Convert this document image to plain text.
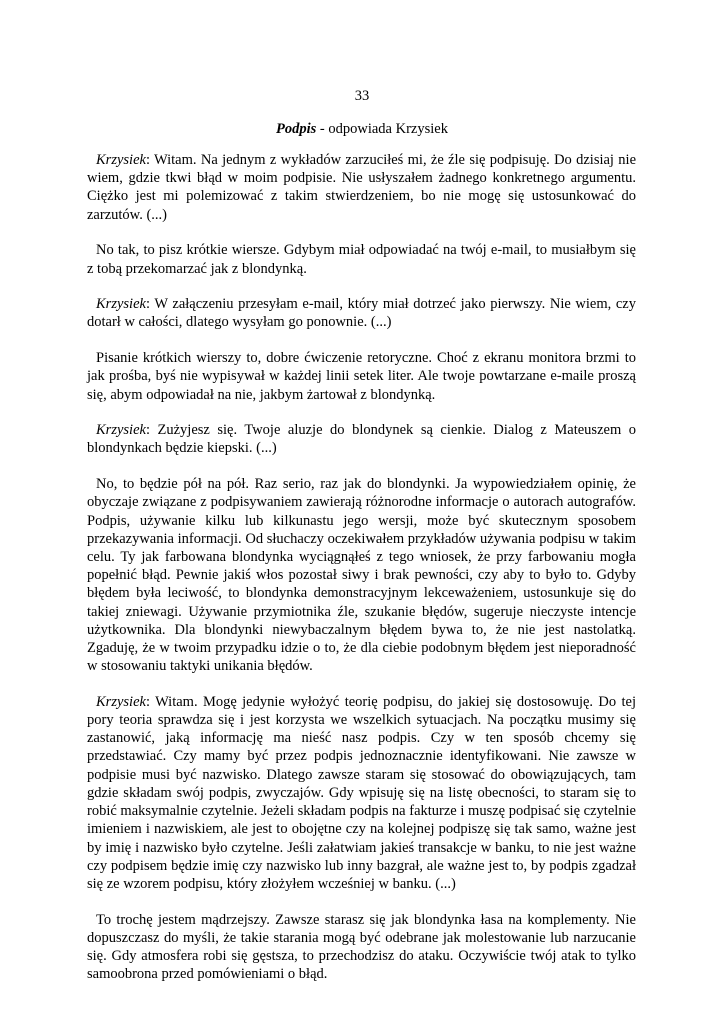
33
Podpis - odpowiada Krzysiek

Krzysiek: Witam. Na jednym z wykładów zarzuciłeś mi, że źle się podpisuję. Do dzisiaj nie wiem, gdzie tkwi błąd w moim podpisie. Nie usłyszałem żadnego konkretnego argumentu. Ciężko jest mi polemizować z takim stwierdzeniem, bo nie mogę się ustosunkować do zarzutów. (...)

No tak, to pisz krótkie wiersze. Gdybym miał odpowiadać na twój e-mail, to musiałbym się z tobą przekomarzać jak z blondynką.

Krzysiek: W załączeniu przesyłam e-mail, który miał dotrzeć jako pierwszy. Nie wiem, czy dotarł w całości, dlatego wysyłam go ponownie. (...)

Pisanie krótkich wierszy to, dobre ćwiczenie retoryczne. Choć z ekranu monitora brzmi to jak prośba, byś nie wypisywał w każdej linii setek liter. Ale twoje powtarzane e-maile proszą się, abym odpowiadał na nie, jakbym żartował z blondynką.

Krzysiek: Zużyjesz się. Twoje aluzje do blondynek są cienkie. Dialog z Mateuszem o blondynkach będzie kiepski. (...)

No, to będzie pół na pół. Raz serio, raz jak do blondynki. Ja wypowiedziałem opinię, że obyczaje związane z podpisywaniem zawierają różnorodne informacje o autorach autografów. Podpis, używanie kilku lub kilkunastu jego wersji, może być skutecznym sposobem przekazywania informacji. Od słuchaczy oczekiwałem przykładów używania podpisu w takim celu. Ty jak farbowana blondynka wyciągnąłeś z tego wniosek, że przy farbowaniu mogła popełnić błąd. Pewnie jakiś włos pozostał siwy i brak pewności, czy aby to było to. Gdyby błędem była leciwość, to blondynka demonstracyjnym lekceważeniem, ustosunkuje się do takiej zniewagi. Używanie przymiotnika źle, szukanie błędów, sugeruje nieczyste intencje użytkownika. Dla blondynki niewybaczalnym błędem bywa to, że nie jest nastolatką. Zgaduję, że w twoim przypadku idzie o to, że dla ciebie podobnym błędem jest nieporadność w stosowaniu taktyki unikania błędów.

Krzysiek: Witam. Mogę jedynie wyłożyć teorię podpisu, do jakiej się dostosowuję. Do tej pory teoria sprawdza się i jest korzysta we wszelkich sytuacjach. Na początku musimy się zastanowić, jaką informację ma nieść nasz podpis. Czy w ten sposób chcemy się przedstawiać. Czy mamy być przez podpis jednoznacznie identyfikowani. Nie zawsze w podpisie musi być nazwisko. Dlatego zawsze staram się stosować do obowiązujących, tam gdzie składam swój podpis, zwyczajów. Gdy wpisuję się na listę obecności, to staram się to robić maksymalnie czytelnie. Jeżeli składam podpis na fakturze i muszę podpisać się czytelnie imieniem i nazwiskiem, ale jest to obojętne czy na kolejnej podpiszę się tak samo, ważne jest by imię i nazwisko było czytelne. Jeśli załatwiam jakieś transakcje w banku, to nie jest ważne czy podpisem będzie imię czy nazwisko lub inny bazgrał, ale ważne jest to, by podpis zgadzał się ze wzorem podpisu, który złożyłem wcześniej w banku. (...)

To trochę jestem mądrzejszy. Zawsze starasz się jak blondynka łasa na komplementy. Nie dopuszczasz do myśli, że takie starania mogą być odebrane jak molestowanie lub narzucanie się. Gdy atmosfera robi się gęstsza, to przechodzisz do ataku. Oczywiście twój atak to tylko samoobrona przed pomówieniami o błąd.
